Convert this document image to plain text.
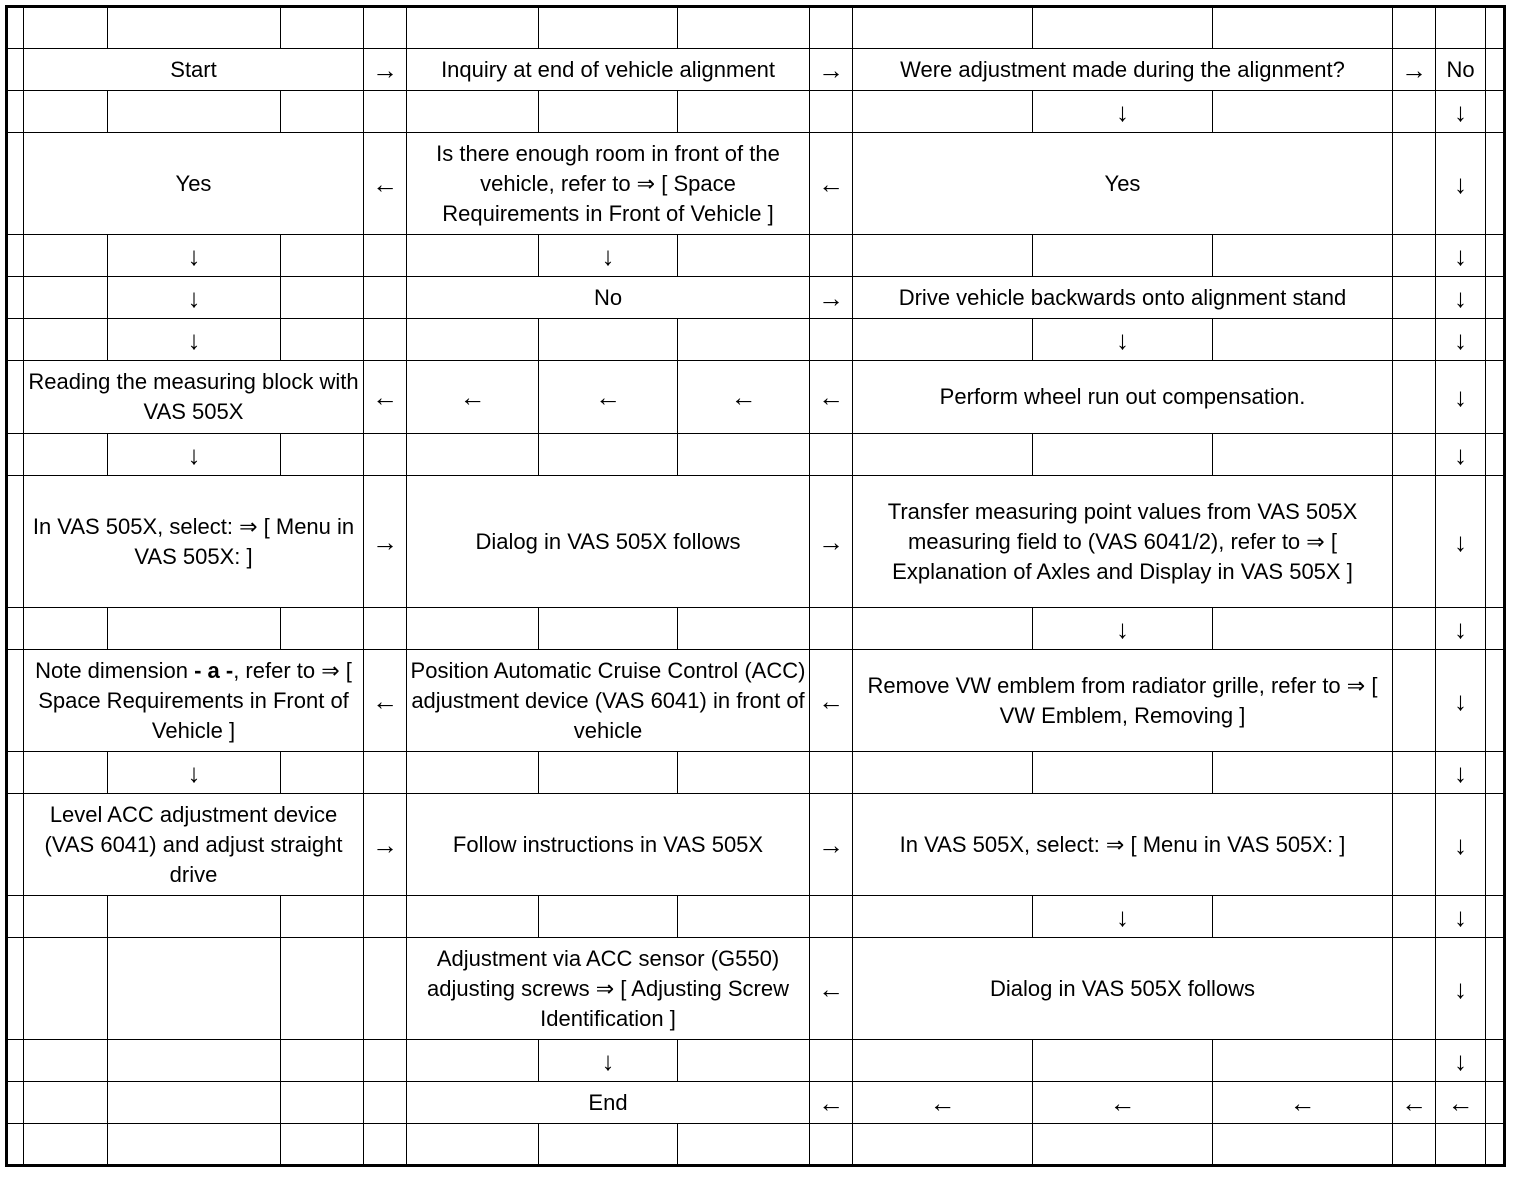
	Start			→	Inquiry at end of vehicle alignment			→	Were adjustment made during the alignment?			→	No	
										↓			↓	
	Yes			←	Is there enough room in front of the vehicle, refer to ⇒ [ Space Requirements in Front of Vehicle ]			←	Yes				↓	
		↓				↓							↓	
		↓			No			→	Drive vehicle backwards onto alignment stand				↓	
		↓								↓			↓	
	Reading the measuring block with VAS 505X			←	←	←	←	←	Perform wheel run out compensation.				↓	
		↓											↓	
	In VAS 505X, select: ⇒ [ Menu in VAS 505X: ]			→	Dialog in VAS 505X follows			→	Transfer measuring point values from VAS 505X measuring field to (VAS 6041/2), refer to ⇒ [ Explanation of Axles and Display in VAS 505X ]				↓	
										↓			↓	
	Note dimension - a -, refer to ⇒ [ Space Requirements in Front of Vehicle ]			←	Position Automatic Cruise Control (ACC) adjustment device (VAS 6041) in front of vehicle			←	Remove VW emblem from radiator grille, refer to ⇒ [ VW Emblem, Removing ]				↓	
		↓											↓	
	Level ACC adjustment device (VAS 6041) and adjust straight drive			→	Follow instructions in VAS 505X			→	In VAS 505X, select: ⇒ [ Menu in VAS 505X: ]				↓	
										↓			↓	
					Adjustment via ACC sensor (G550) adjusting screws ⇒ [ Adjusting Screw Identification ]			←	Dialog in VAS 505X follows				↓	
						↓							↓	
					End			←	←	←	←	←	←	
